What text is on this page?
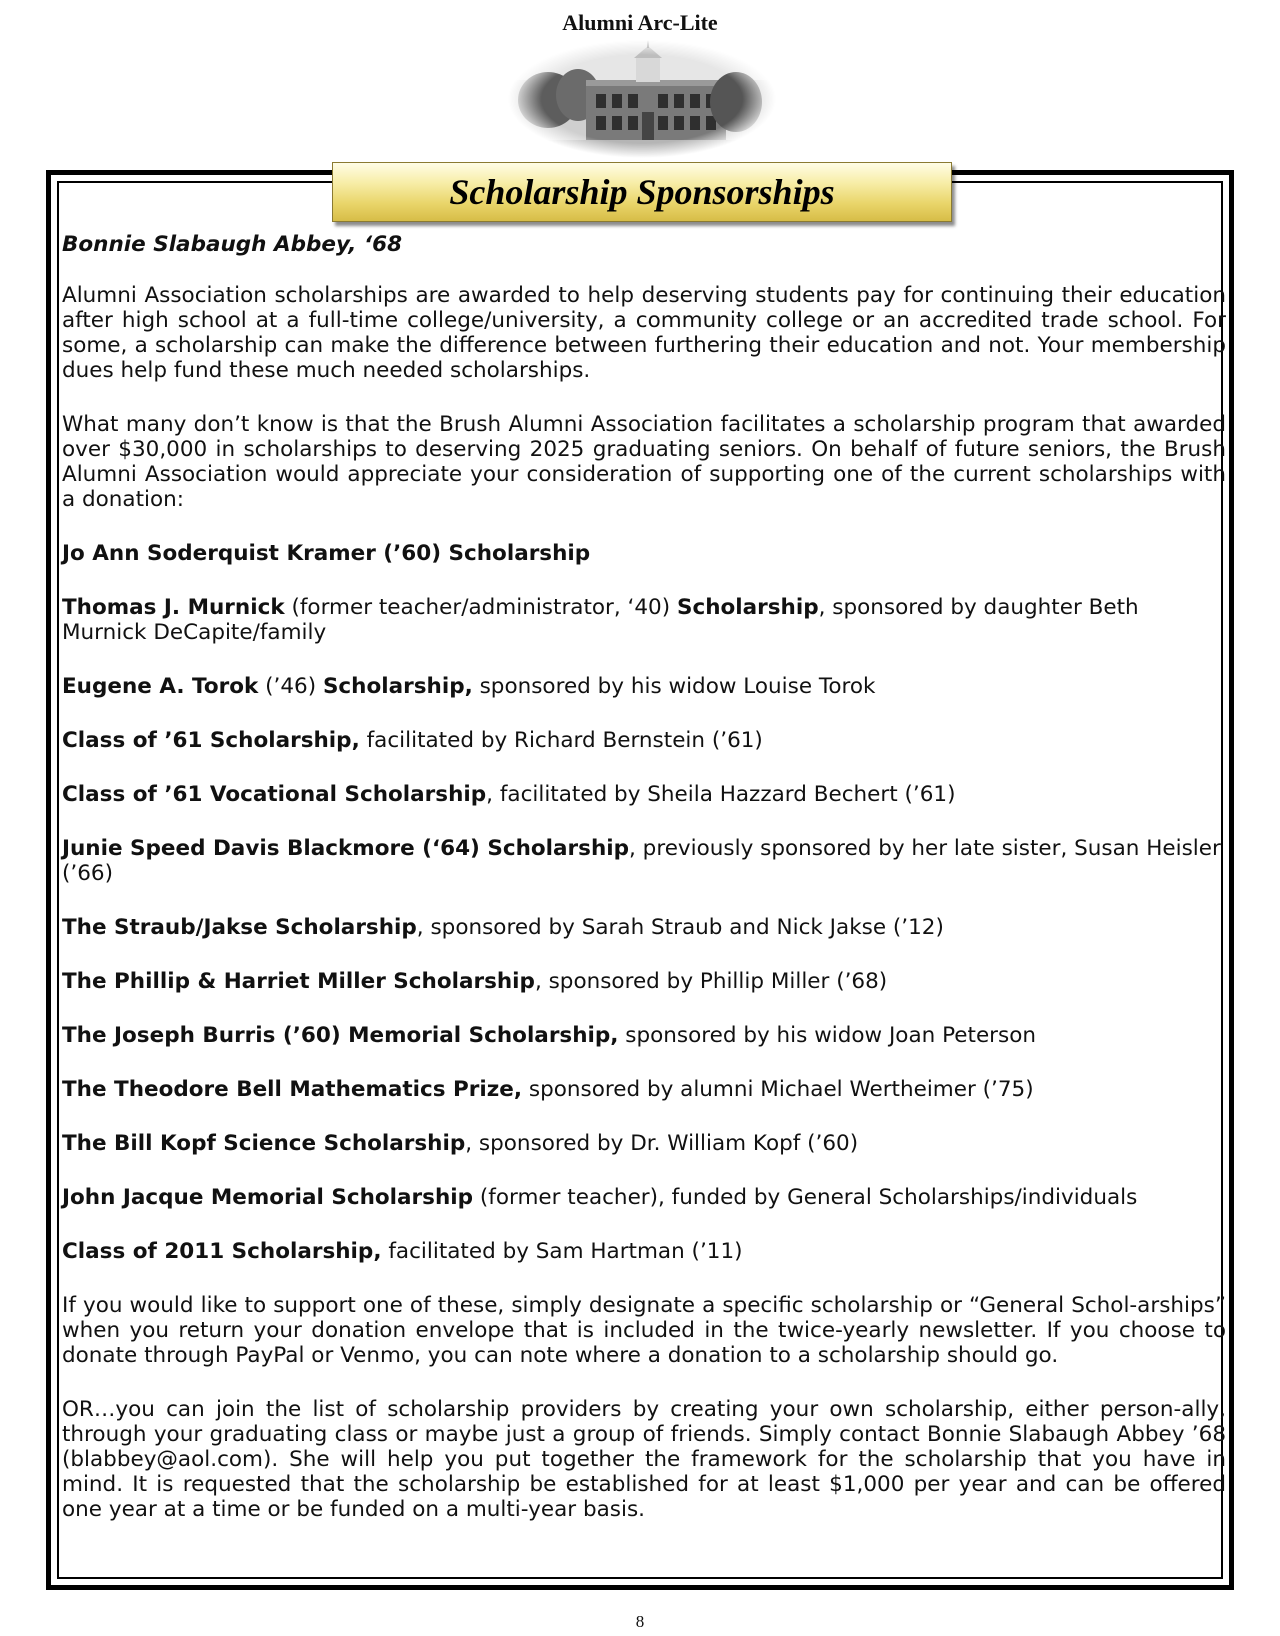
Alumni Arc-Lite
Scholarship Sponsorships
Bonnie Slabaugh Abbey, ‘68

Alumni Association scholarships are awarded to help deserving students pay for continuing their education after high school at a full-time college/university, a community college or an accredited trade school. For some, a scholarship can make the difference between furthering their education and not. Your membership dues help fund these much needed scholarships.

What many don’t know is that the Brush Alumni Association facilitates a scholarship program that awarded over $30,000 in scholarships to deserving 2025 graduating seniors. On behalf of future seniors, the Brush Alumni Association would appreciate your consideration of supporting one of the current scholarships with a donation:

Jo Ann Soderquist Kramer (’60) Scholarship

Thomas J. Murnick (former teacher/administrator, ‘40) Scholarship, sponsored by daughter Beth Murnick DeCapite/family

Eugene A. Torok (’46) Scholarship, sponsored by his widow Louise Torok

Class of ’61 Scholarship, facilitated by Richard Bernstein (’61)

Class of ’61 Vocational Scholarship, facilitated by Sheila Hazzard Bechert (’61)

Junie Speed Davis Blackmore (‘64) Scholarship, previously sponsored by her late sister, Susan Heisler (’66)

The Straub/Jakse Scholarship, sponsored by Sarah Straub and Nick Jakse (’12)

The Phillip & Harriet Miller Scholarship, sponsored by Phillip Miller (’68)

The Joseph Burris (’60) Memorial Scholarship, sponsored by his widow Joan Peterson

The Theodore Bell Mathematics Prize, sponsored by alumni Michael Wertheimer (’75)

The Bill Kopf Science Scholarship, sponsored by Dr. William Kopf (’60)

John Jacque Memorial Scholarship (former teacher), funded by General Scholarships/individuals

Class of 2011 Scholarship, facilitated by Sam Hartman (’11)

If you would like to support one of these, simply designate a specific scholarship or “General Schol-arships” when you return your donation envelope that is included in the twice-yearly newsletter. If you choose to donate through PayPal or Venmo, you can note where a donation to a scholarship should go.

OR…you can join the list of scholarship providers by creating your own scholarship, either person-ally, through your graduating class or maybe just a group of friends. Simply contact Bonnie Slabaugh Abbey ’68 (blabbey@aol.com). She will help you put together the framework for the scholarship that you have in mind. It is requested that the scholarship be established for at least $1,000 per year and can be offered one year at a time or be funded on a multi-year basis.

8
